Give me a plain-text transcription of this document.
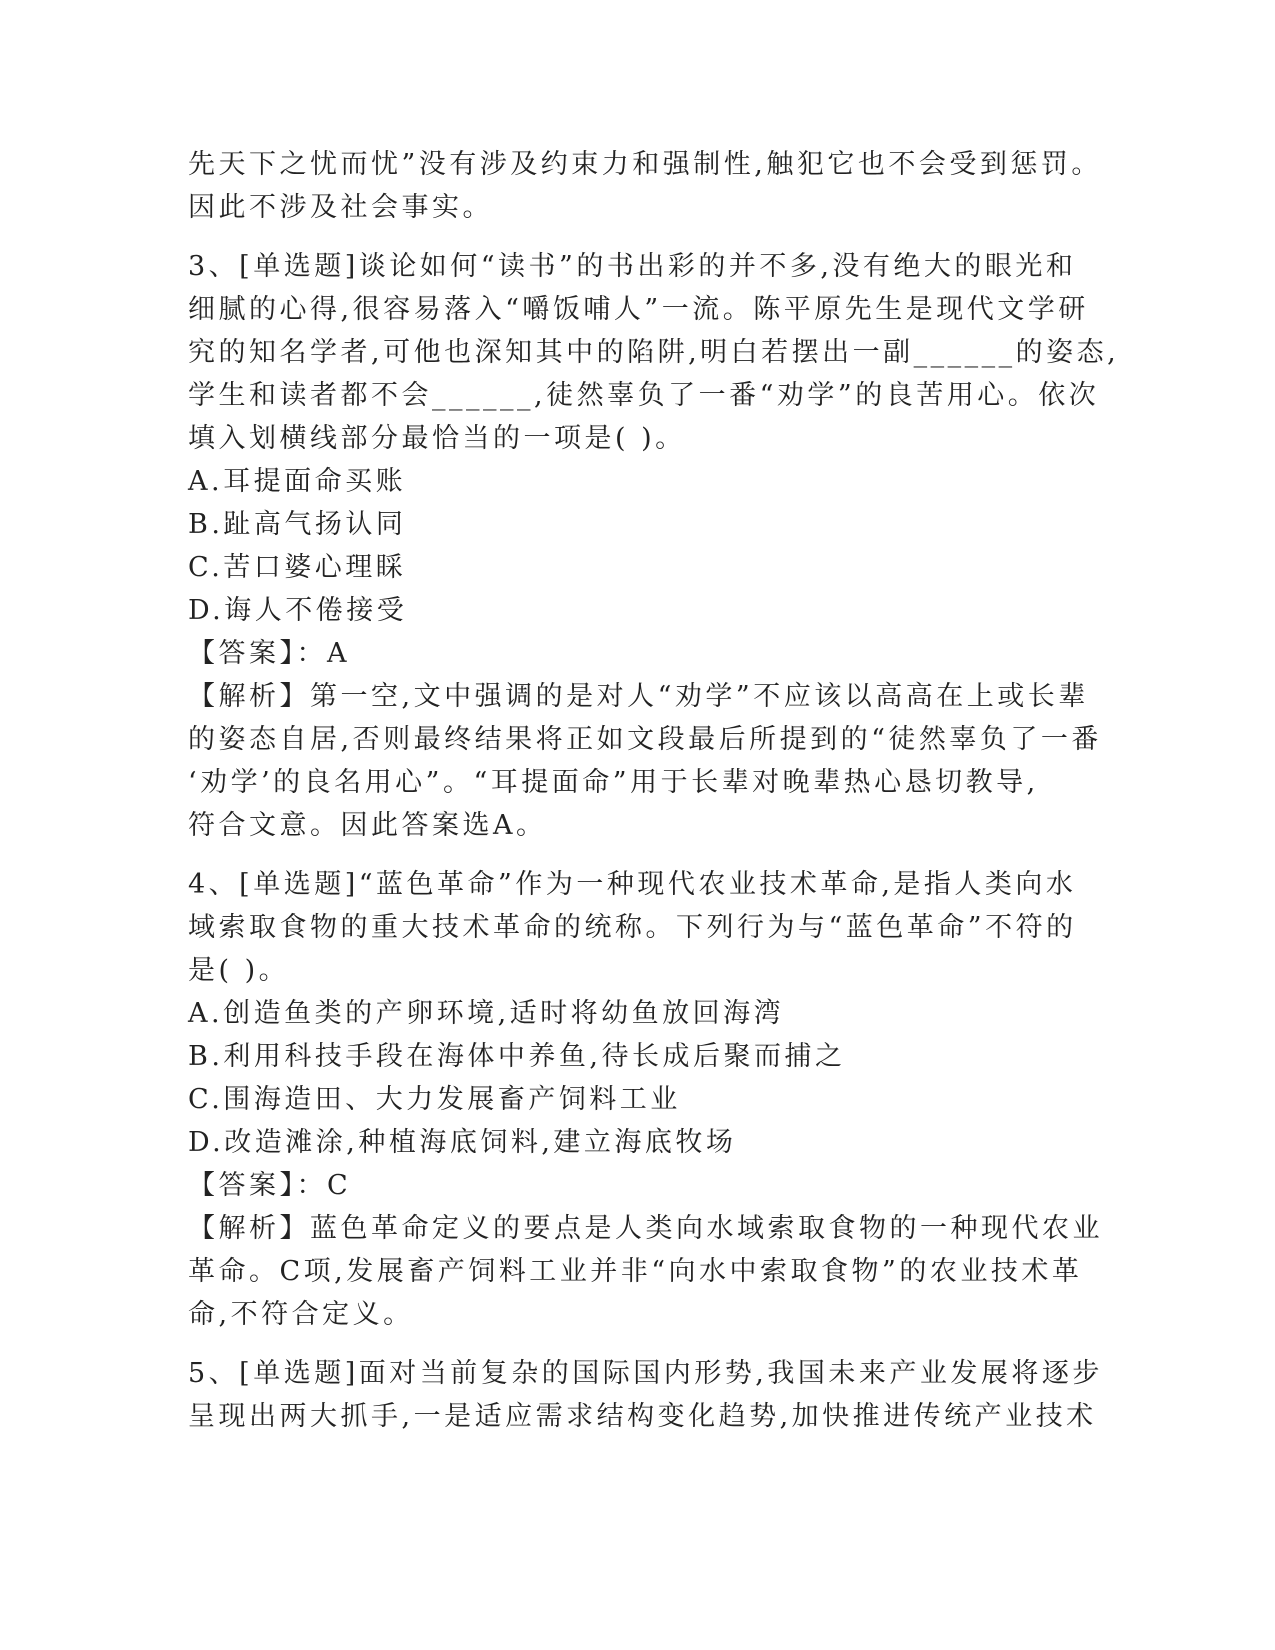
先天下之忧而忧”没有涉及约束力和强制性,触犯它也不会受到惩罚。
因此不涉及社会事实。
3、[单选题]谈论如何“读书”的书出彩的并不多,没有绝大的眼光和
细腻的心得,很容易落入“嚼饭哺人”一流。陈平原先生是现代文学研
究的知名学者,可他也深知其中的陷阱,明白若摆出一副______的姿态,
学生和读者都不会______,徒然辜负了一番“劝学”的良苦用心。依次
填入划横线部分最恰当的一项是( )。
A.耳提面命买账
B.趾高气扬认同
C.苦口婆心理睬
D.诲人不倦接受
【答案】：A
【解析】第一空,文中强调的是对人“劝学”不应该以高高在上或长辈
的姿态自居,否则最终结果将正如文段最后所提到的“徒然辜负了一番
‘劝学’的良名用心”。“耳提面命”用于长辈对晚辈热心恳切教导,
符合文意。因此答案选A。
4、[单选题]“蓝色革命”作为一种现代农业技术革命,是指人类向水
域索取食物的重大技术革命的统称。下列行为与“蓝色革命”不符的
是( )。
A.创造鱼类的产卵环境,适时将幼鱼放回海湾
B.利用科技手段在海体中养鱼,待长成后聚而捕之
C.围海造田、大力发展畜产饲料工业
D.改造滩涂,种植海底饲料,建立海底牧场
【答案】：C
【解析】蓝色革命定义的要点是人类向水域索取食物的一种现代农业
革命。C项,发展畜产饲料工业并非“向水中索取食物”的农业技术革
命,不符合定义。
5、[单选题]面对当前复杂的国际国内形势,我国未来产业发展将逐步
呈现出两大抓手,一是适应需求结构变化趋势,加快推进传统产业技术
